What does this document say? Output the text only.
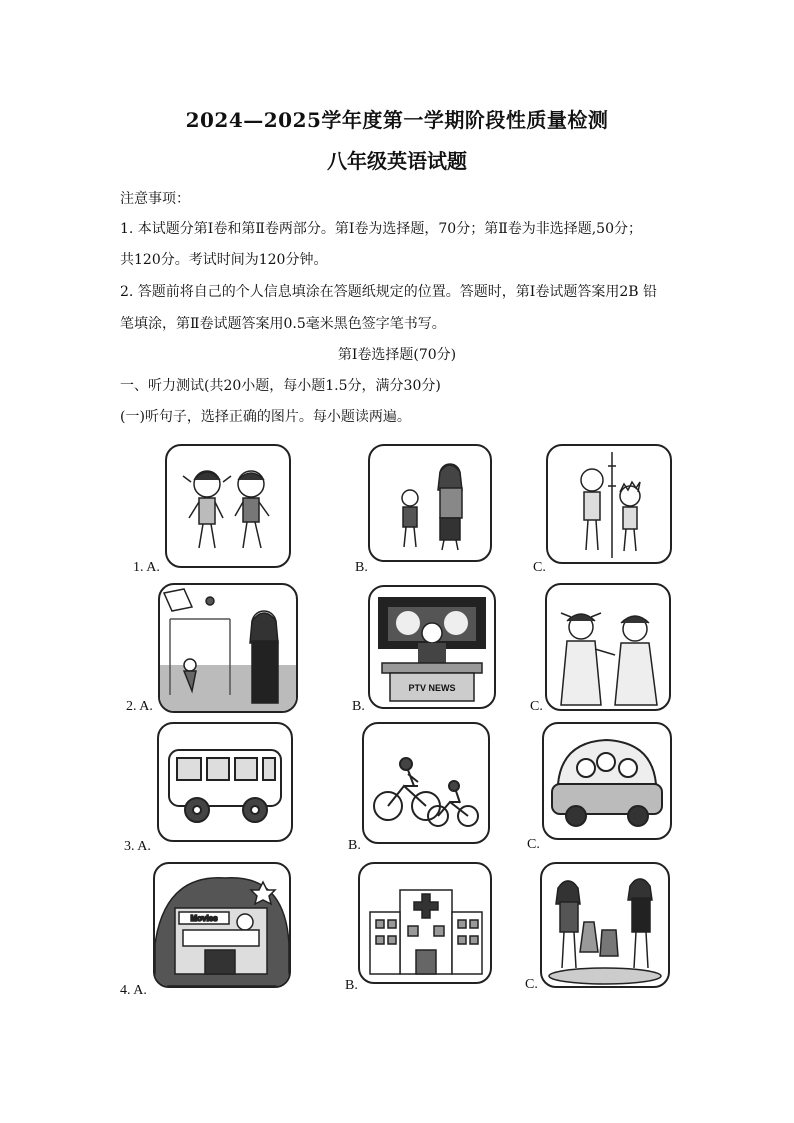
2024—2025学年度第一学期阶段性质量检测
八年级英语试题
注意事项：
1. 本试题分第Ⅰ卷和第Ⅱ卷两部分。第Ⅰ卷为选择题，70分；第Ⅱ卷为非选择题,50分；
共120分。考试时间为120分钟。
2. 答题前将自己的个人信息填涂在答题纸规定的位置。答题时，第Ⅰ卷试题答案用2B 铅
笔填涂，第Ⅱ卷试题答案用0.5毫米黑色签字笔书写。
第Ⅰ卷选择题(70分)
一、听力测试(共20小题，每小题1.5分，满分30分)
(一)听句子，选择正确的图片。每小题读两遍。
1. A.	B.	C.
2. A.
PTV NEWS
B.	C.
3. A.	B.	C.
Movies
4. A.	B.	C.
